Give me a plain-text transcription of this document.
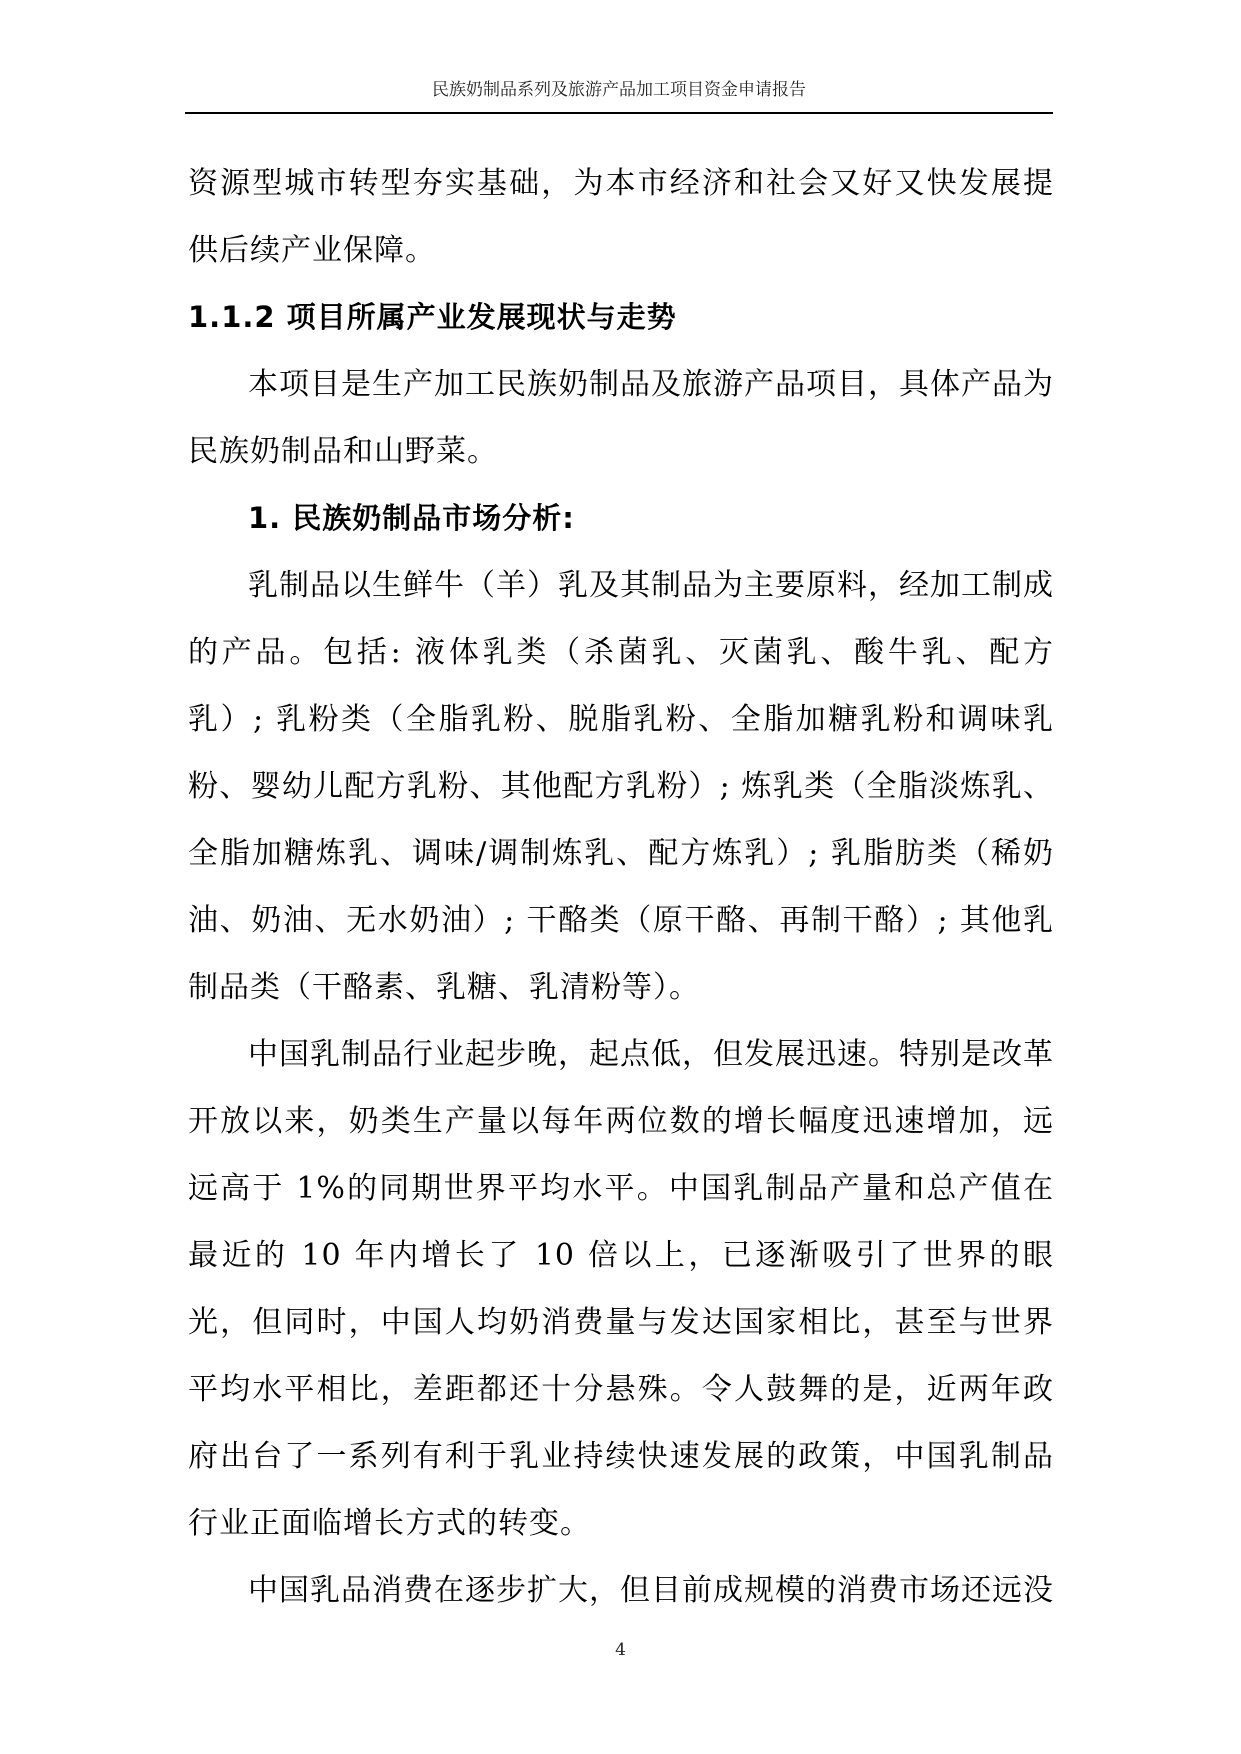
民族奶制品系列及旅游产品加工项目资金申请报告

资源型城市转型夯实基础，为本市经济和社会又好又快发展提供后续产业保障。

1.1.2 项目所属产业发展现状与走势

本项目是生产加工民族奶制品及旅游产品项目，具体产品为民族奶制品和山野菜。

1. 民族奶制品市场分析:

乳制品以生鲜牛（羊）乳及其制品为主要原料，经加工制成的产品。包括: 液体乳类（杀菌乳、灭菌乳、酸牛乳、配方乳）; 乳粉类（全脂乳粉、脱脂乳粉、全脂加糖乳粉和调味乳粉、婴幼儿配方乳粉、其他配方乳粉）; 炼乳类（全脂淡炼乳、全脂加糖炼乳、调味/调制炼乳、配方炼乳）; 乳脂肪类（稀奶油、奶油、无水奶油）; 干酪类（原干酪、再制干酪）; 其他乳制品类（干酪素、乳糖、乳清粉等）。

中国乳制品行业起步晚，起点低，但发展迅速。特别是改革开放以来，奶类生产量以每年两位数的增长幅度迅速增加，远远高于 1%的同期世界平均水平。中国乳制品产量和总产值在最近的 10 年内增长了 10 倍以上，已逐渐吸引了世界的眼光，但同时，中国人均奶消费量与发达国家相比，甚至与世界平均水平相比，差距都还十分悬殊。令人鼓舞的是，近两年政府出台了一系列有利于乳业持续快速发展的政策，中国乳制品行业正面临增长方式的转变。

中国乳品消费在逐步扩大，但目前成规模的消费市场还远没

4
